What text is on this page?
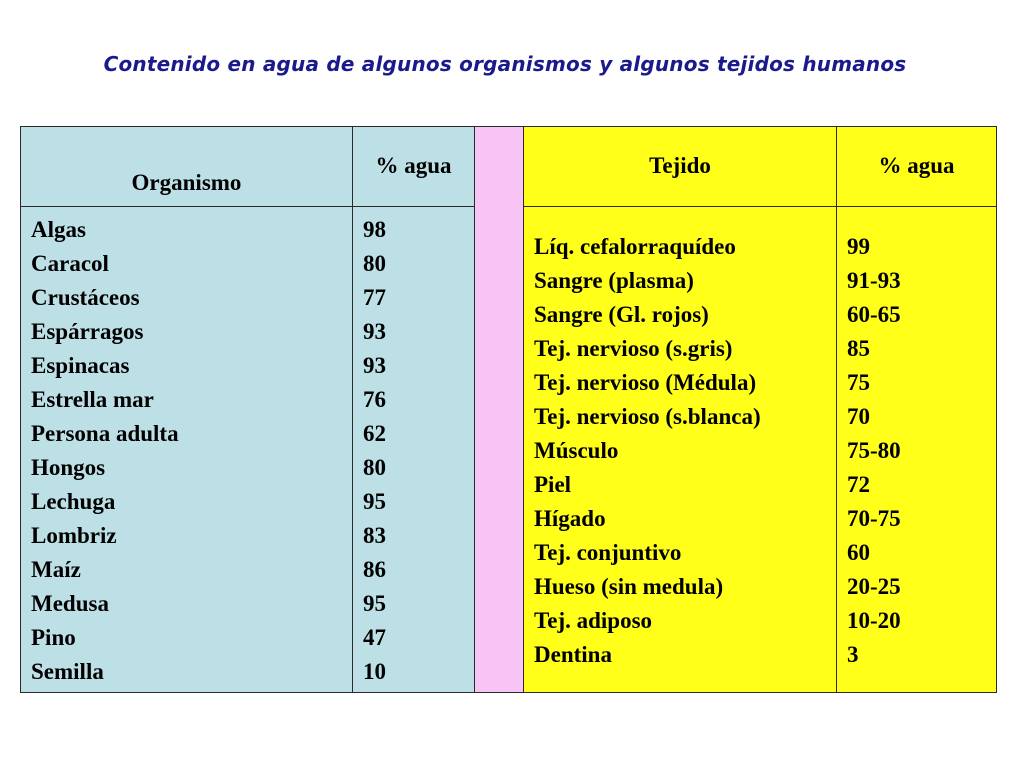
Contenido en agua de algunos organismos y algunos tejidos humanos
Organismo
% agua	Tejido	% agua
Algas
Caracol
Crustáceos
Espárragos
Espinacas
Estrella mar
Persona adulta
Hongos
Lechuga
Lombriz
Maíz
Medusa
Pino
Semilla
98
80
77
93
93
76
62
80
95
83
86
95
47
10
Líq. cefalorraquídeo
Sangre (plasma)
Sangre (Gl. rojos)
Tej. nervioso (s.gris)
Tej. nervioso (Médula)
Tej. nervioso (s.blanca)
Músculo
Piel
Hígado
Tej. conjuntivo
Hueso (sin medula)
Tej. adiposo
Dentina
99
91-93
60-65
85
75
70
75-80
72
70-75
60
20-25
10-20
3
